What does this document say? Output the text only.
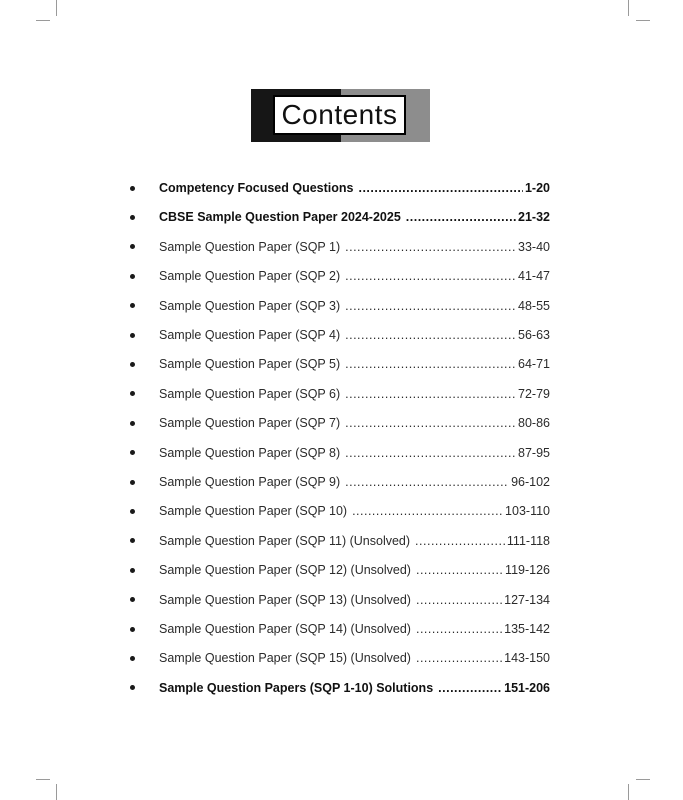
Contents
Competency Focused Questions .....	1-20
CBSE Sample Question Paper 2024-2025 .....	21-32
Sample Question Paper (SQP 1) .....	33-40
Sample Question Paper (SQP 2) .....	41-47
Sample Question Paper (SQP 3) .....	48-55
Sample Question Paper (SQP 4) .....	56-63
Sample Question Paper (SQP 5) .....	64-71
Sample Question Paper (SQP 6) .....	72-79
Sample Question Paper (SQP 7) .....	80-86
Sample Question Paper (SQP 8) .....	87-95
Sample Question Paper (SQP 9) .....	96-102
Sample Question Paper (SQP 10) .....	103-110
Sample Question Paper (SQP 11) (Unsolved) .....	111-118
Sample Question Paper (SQP 12) (Unsolved) .....	119-126
Sample Question Paper (SQP 13) (Unsolved) .....	127-134
Sample Question Paper (SQP 14) (Unsolved) .....	135-142
Sample Question Paper (SQP 15) (Unsolved) .....	143-150
Sample Question Papers (SQP 1-10) Solutions .....	151-206
